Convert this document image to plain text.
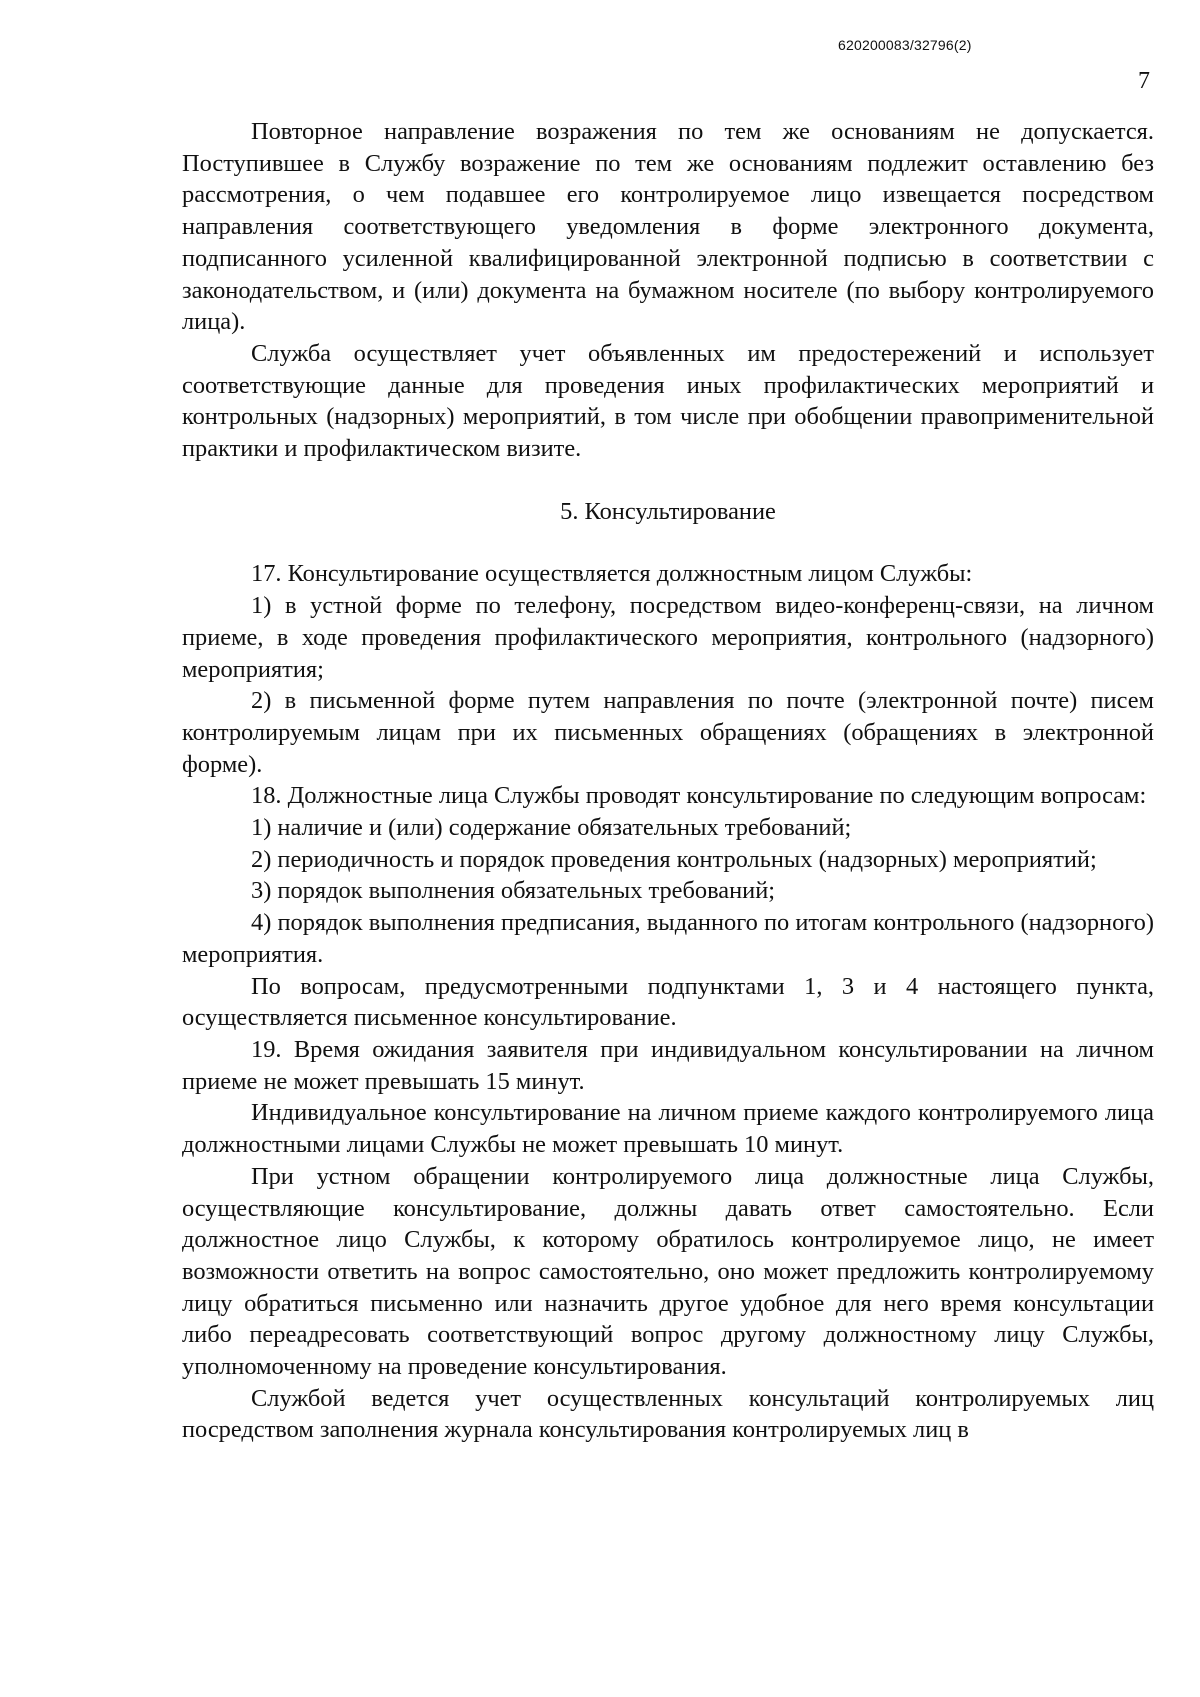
620200083/32796(2)
7

Повторное направление возражения по тем же основаниям не допускается. Поступившее в Службу возражение по тем же основаниям подлежит оставлению без рассмотрения, о чем подавшее его контролируемое лицо извещается посредством направления соответствующего уведомления в форме электронного документа, подписанного усиленной квалифицированной электронной подписью в соответствии с законодательством, и (или) документа на бумажном носителе (по выбору контролируемого лица).

Служба осуществляет учет объявленных им предостережений и использует соответствующие данные для проведения иных профилактических мероприятий и контрольных (надзорных) мероприятий, в том числе при обобщении правоприменительной практики и профилактическом визите.

5. Консультирование

17. Консультирование осуществляется должностным лицом Службы:

1) в устной форме по телефону, посредством видео-конференц-связи, на личном приеме, в ходе проведения профилактического мероприятия, контрольного (надзорного) мероприятия;

2) в письменной форме путем направления по почте (электронной почте) писем контролируемым лицам при их письменных обращениях (обращениях в электронной форме).

18. Должностные лица Службы проводят консультирование по следующим вопросам:

1) наличие и (или) содержание обязательных требований;

2) периодичность и порядок проведения контрольных (надзорных) мероприятий;

3) порядок выполнения обязательных требований;

4) порядок выполнения предписания, выданного по итогам контрольного (надзорного) мероприятия.

По вопросам, предусмотренными подпунктами 1, 3 и 4 настоящего пункта, осуществляется письменное консультирование.

19. Время ожидания заявителя при индивидуальном консультировании на личном приеме не может превышать 15 минут.

Индивидуальное консультирование на личном приеме каждого контролируемого лица должностными лицами Службы не может превышать 10 минут.

При устном обращении контролируемого лица должностные лица Службы, осуществляющие консультирование, должны давать ответ самостоятельно. Если должностное лицо Службы, к которому обратилось контролируемое лицо, не имеет возможности ответить на вопрос самостоятельно, оно может предложить контролируемому лицу обратиться письменно или назначить другое удобное для него время консультации либо переадресовать соответствующий вопрос другому должностному лицу Службы, уполномоченному на проведение консультирования.

Службой ведется учет осуществленных консультаций контролируемых лиц посредством заполнения журнала консультирования контролируемых лиц в
